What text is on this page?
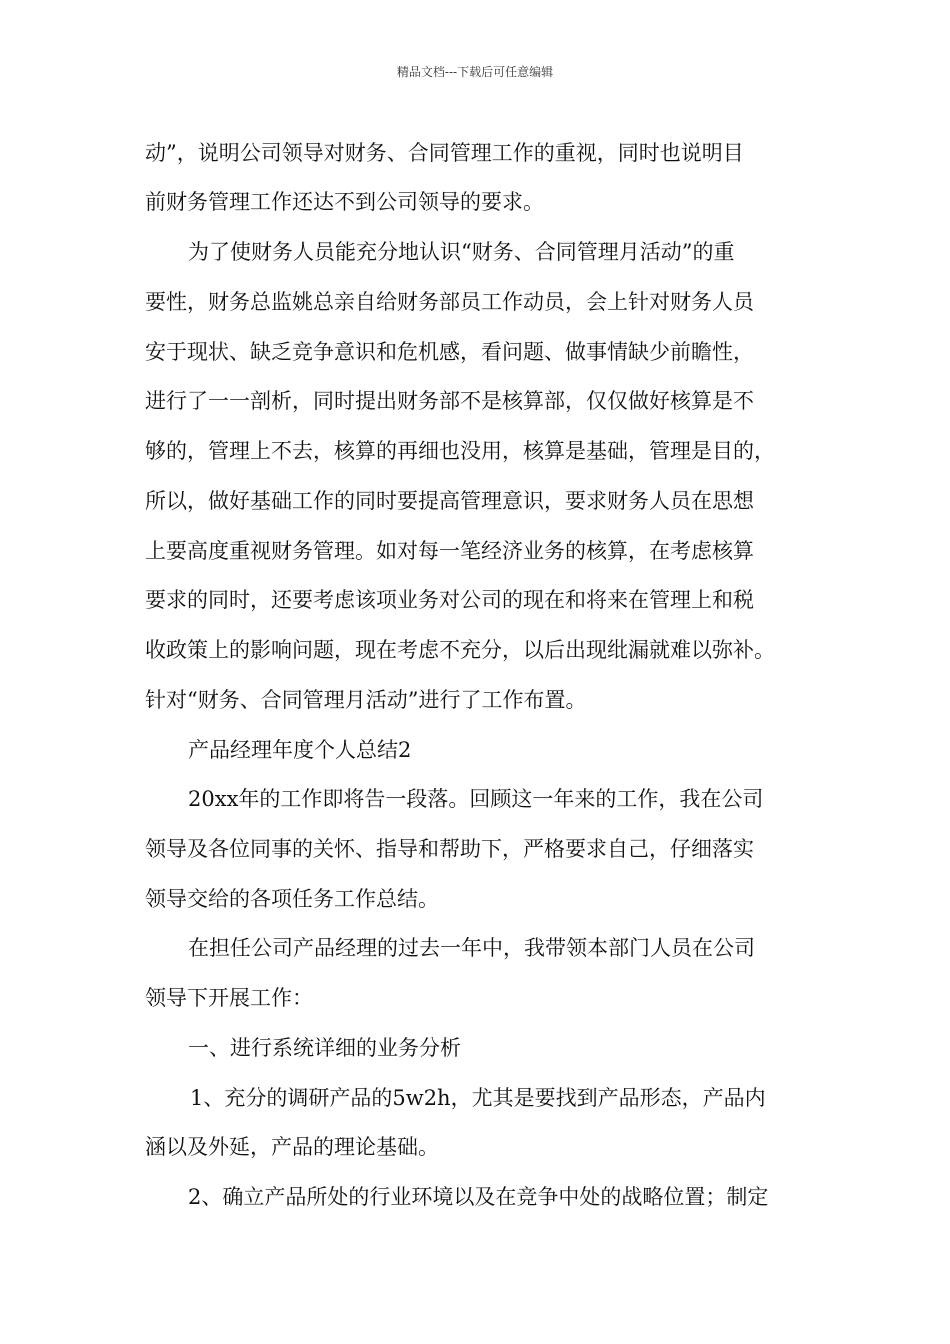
精品文档---下载后可任意编辑
动”，说明公司领导对财务、合同管理工作的重视，同时也说明目
前财务管理工作还达不到公司领导的要求。
为了使财务人员能充分地认识“财务、合同管理月活动”的重
要性，财务总监姚总亲自给财务部员工作动员，会上针对财务人员
安于现状、缺乏竞争意识和危机感，看问题、做事情缺少前瞻性，
进行了一一剖析，同时提出财务部不是核算部，仅仅做好核算是不
够的，管理上不去，核算的再细也没用，核算是基础，管理是目的，
所以，做好基础工作的同时要提高管理意识，要求财务人员在思想
上要高度重视财务管理。如对每一笔经济业务的核算，在考虑核算
要求的同时，还要考虑该项业务对公司的现在和将来在管理上和税
收政策上的影响问题，现在考虑不充分，以后出现纰漏就难以弥补。
针对“财务、合同管理月活动”进行了工作布置。
产品经理年度个人总结2
20xx年的工作即将告一段落。回顾这一年来的工作，我在公司
领导及各位同事的关怀、指导和帮助下，严格要求自己，仔细落实
领导交给的各项任务工作总结。
在担任公司产品经理的过去一年中，我带领本部门人员在公司
领导下开展工作：
一、进行系统详细的业务分析
1、充分的调研产品的5w2h，尤其是要找到产品形态，产品内
涵以及外延，产品的理论基础。
2、确立产品所处的行业环境以及在竞争中处的战略位置；制定
